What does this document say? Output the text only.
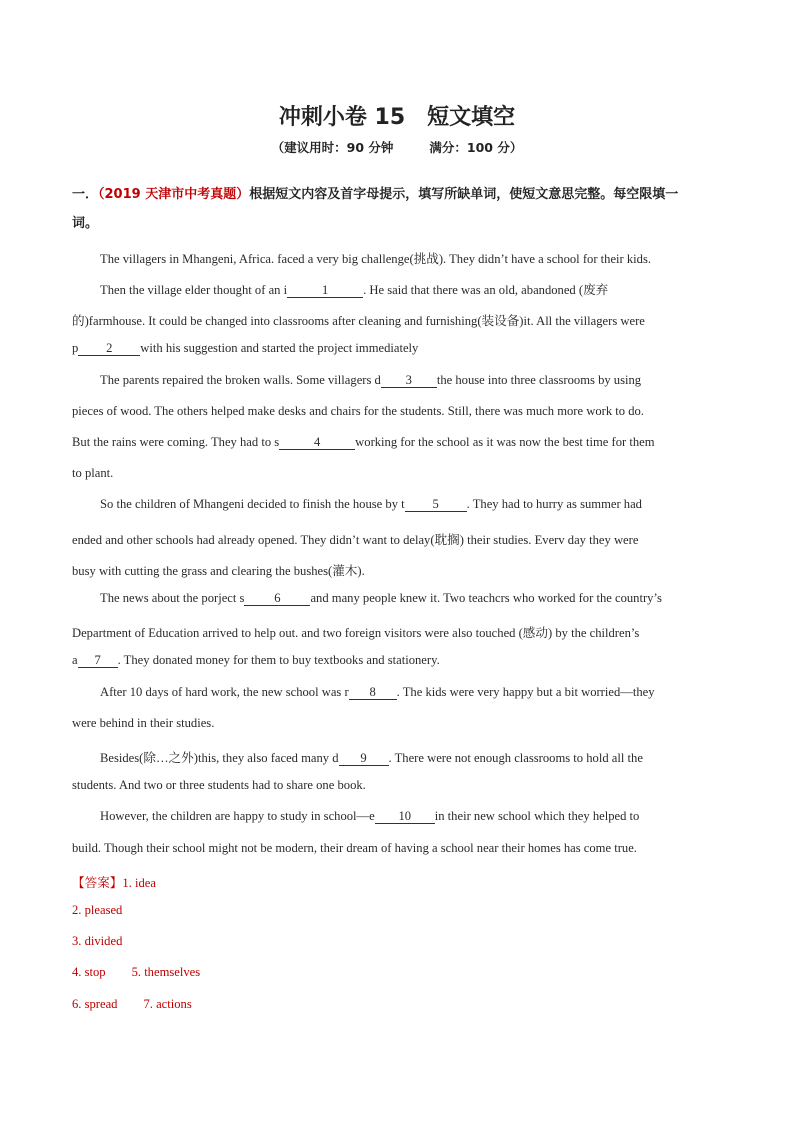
冲刺小卷 15　短文填空
（建议用时：90 分钟	满分：100 分）
一．（2019 天津市中考真题）根据短文内容及首字母提示，填写所缺单词，使短文意思完整。每空限填一
词。
The villagers in Mhangeni, Africa. faced a very big challenge(挑战). They didn’t have a school for their kids.
Then the village elder thought of an i	1	. He said that there was an old, abandoned (废弃
的)farmhouse. It could be changed into classrooms after cleaning and furnishing(装设备)it. All the villagers were
p 2 with his suggestion and started the project immediately
The parents repaired the broken walls. Some villagers d 3 the house into three classrooms by using
pieces of wood. The others helped make desks and chairs for the students. Still, there was much more work to do.
But the rains were coming. They had to s	4	working for the school as it was now the best time for them
to plant.
So the children of Mhangeni decided to finish the house by t 5 . They had to hurry as summer had
ended and other schools had already opened. They didn’t want to delay(耽搁) their studies. Everv day they were
busy with cutting the grass and clearing the bushes(灌木).
The news about the porject s 6 and many people knew it. Two teachcrs who worked for the country’s
Department of Education arrived to help out. and two foreign visitors were also touched (感动) by the children’s
a 7 . They donated money for them to buy textbooks and stationery.
After 10 days of hard work, the new school was r 8 . The kids were very happy but a bit worried—they
were behind in their studies.
Besides(除…之外)this, they also faced many d 9 . There were not enough classrooms to hold all the
students. And two or three students had to share one book.
However, the children are happy to study in school—e 10 in their new school which they helped to
build. Though their school might not be modern, their dream of having a school near their homes has come true.
【答案】1. idea
2. pleased
3. divided
4. stop 5. themselves
6. spread 7. actions
